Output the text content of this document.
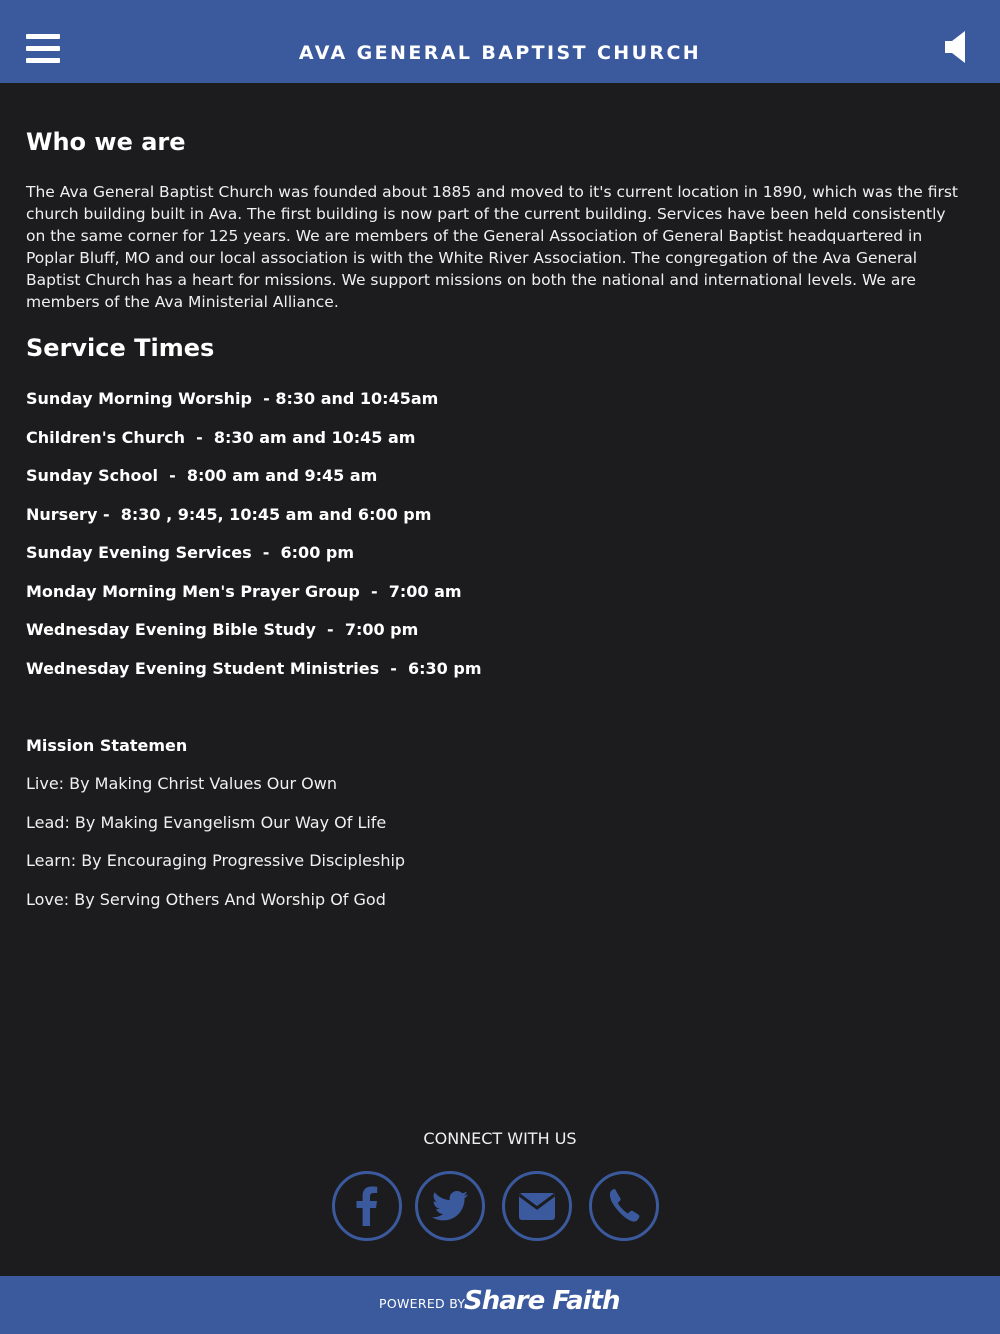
AVA GENERAL BAPTIST CHURCH
Who we are

The Ava General Baptist Church was founded about 1885 and moved to it's current location in 1890, which was the first church building built in Ava. The first building is now part of the current building. Services have been held consistently on the same corner for 125 years. We are members of the General Association of General Baptist headquartered in Poplar Bluff, MO and our local association is with the White River Association. The congregation of the Ava General Baptist Church has a heart for missions. We support missions on both the national and international levels. We are members of the Ava Ministerial Alliance.

Service Times
Sunday Morning Worship  - 8:30 and 10:45am
Children's Church  -  8:30 am and 10:45 am
Sunday School  -  8:00 am and 9:45 am
Nursery -  8:30 , 9:45, 10:45 am and 6:00 pm
Sunday Evening Services  -  6:00 pm
Monday Morning Men's Prayer Group  -  7:00 am
Wednesday Evening Bible Study  -  7:00 pm
Wednesday Evening Student Ministries  -  6:30 pm
Mission Statemen
Live: By Making Christ Values Our Own
Lead: By Making Evangelism Our Way Of Life
Learn: By Encouraging Progressive Discipleship
Love: By Serving Others And Worship Of God
CONNECT WITH US
POWERED BY
Share Faith
